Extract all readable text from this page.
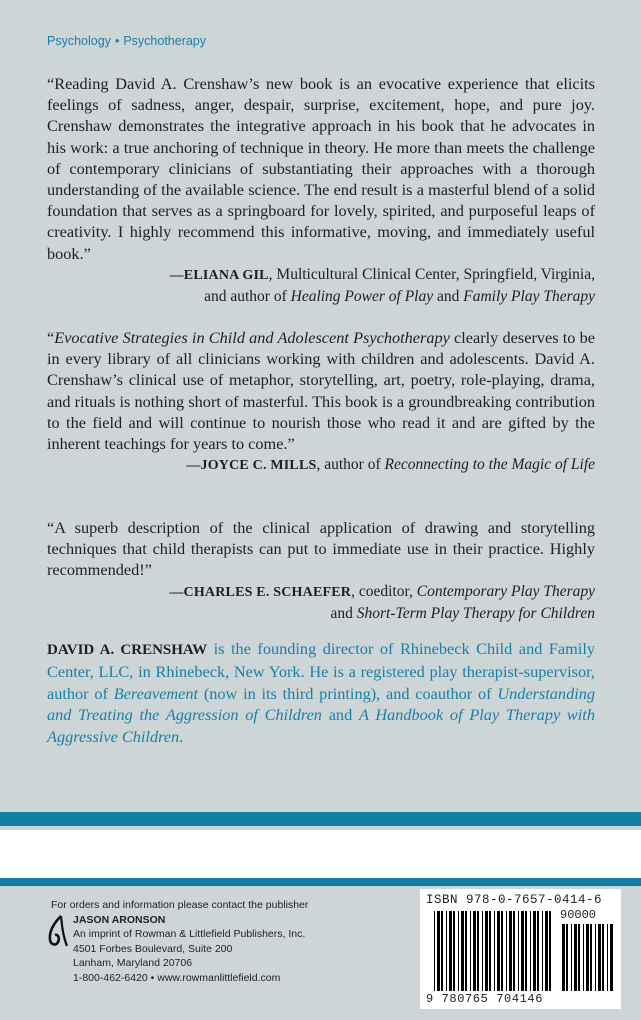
Psychology • Psychotherapy

“Reading David A. Crenshaw’s new book is an evocative experience that elicits feelings of sadness, anger, despair, surprise, excitement, hope, and pure joy. Crenshaw demonstrates the integrative approach in his book that he advocates in his work: a true anchoring of technique in theory. He more than meets the challenge of contemporary clinicians of substantiating their approaches with a thorough understanding of the available science. The end result is a masterful blend of a solid foundation that serves as a springboard for lovely, spirited, and purposeful leaps of creativity. I highly recommend this informative, moving, and immediately useful book.”

—ELIANA GIL, Multicultural Clinical Center, Springfield, Virginia,
and author of Healing Power of Play and Family Play Therapy

“Evocative Strategies in Child and Adolescent Psychotherapy clearly deserves to be in every library of all clinicians working with children and adolescents. David A. Crenshaw’s clinical use of metaphor, storytelling, art, poetry, role-playing, drama, and rituals is nothing short of masterful. This book is a groundbreaking contribution to the field and will continue to nourish those who read it and are gifted by the inherent teachings for years to come.”

—JOYCE C. MILLS, author of Reconnecting to the Magic of Life

“A superb description of the clinical application of drawing and storytelling techniques that child therapists can put to immediate use in their practice. Highly recommended!”

—CHARLES E. SCHAEFER, coeditor, Contemporary Play Therapy
and Short-Term Play Therapy for Children
DAVID A. CRENSHAW is the founding director of Rhinebeck Child and Family Center, LLC, in Rhinebeck, New York. He is a registered play therapist-supervisor, author of Bereavement (now in its third printing), and coauthor of Understanding and Treating the Aggression of Children and A Handbook of Play Therapy with Aggressive Children.
For orders and information please contact the publisher
JASON ARONSON
An imprint of Rowman & Littlefield Publishers, Inc.
4501 Forbes Boulevard, Suite 200
Lanham, Maryland 20706
1-800-462-6420 • www.rowmanlittlefield.com
ISBN 978-0-7657-0414-6
90000
9 780765 704146
